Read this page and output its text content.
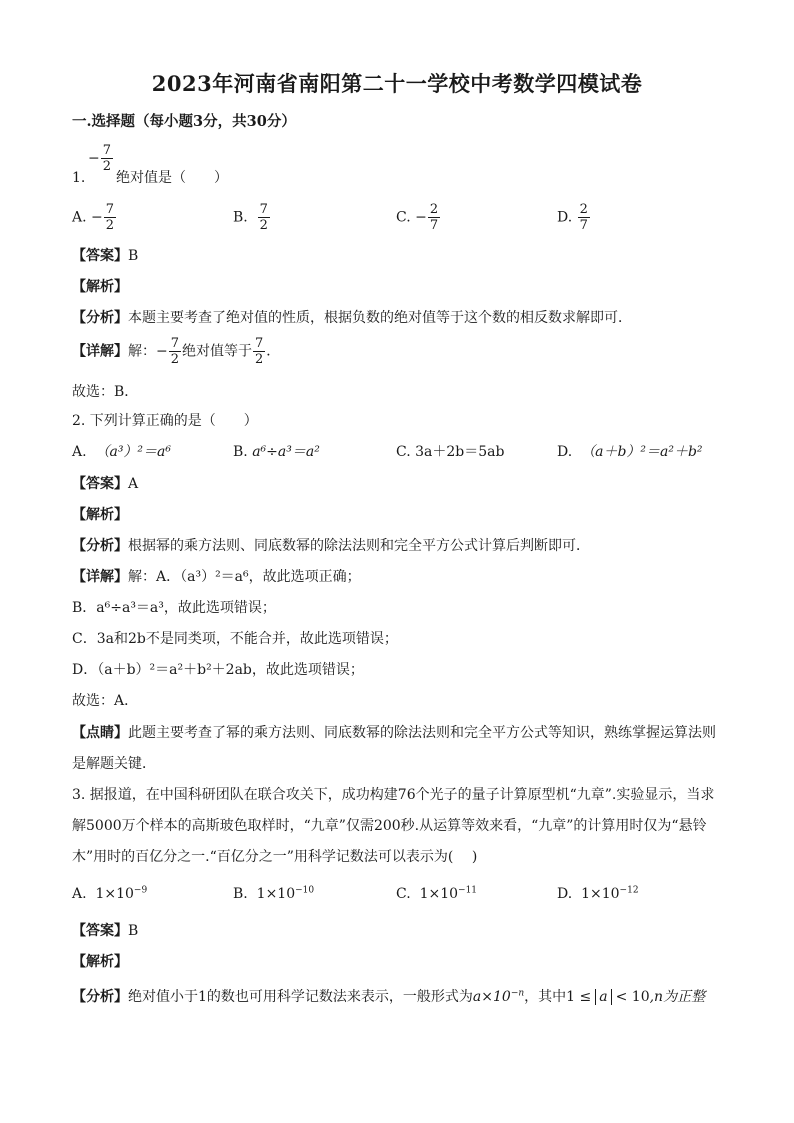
2023年河南省南阳第二十一学校中考数学四模试卷
一.选择题（每小题3分，共30分）
− $\frac{7}{2}$
1. 绝对值是（　　）
A. − $\frac{7}{2}$	B. $\frac{7}{2}$	C. − $\frac{2}{7}$	D. $\frac{2}{7}$
【答案】B
【解析】
【分析】本题主要考查了绝对值的性质，根据负数的绝对值等于这个数的相反数求解即可．
【详解】解：− $\frac{7}{2}$ 绝对值等于 $\frac{7}{2}$ ．
故选：B．
2. 下列计算正确的是（　　）
A. （a³）²＝a⁶	B. a⁶÷a³＝a²	C. 3a＋2b＝5ab	D. （a＋b）²＝a²＋b²
【答案】A
【解析】
【分析】根据幂的乘方法则、同底数幂的除法法则和完全平方公式计算后判断即可．
【详解】解：A．（a³）²＝a⁶，故此选项正确；
B．a⁶÷a³＝a³，故此选项错误；
C．3a和2b不是同类项，不能合并，故此选项错误；
D．（a＋b）²＝a²＋b²＋2ab，故此选项错误；
故选：A．
【点睛】此题主要考查了幂的乘方法则、同底数幂的除法法则和完全平方公式等知识，熟练掌握运算法则
是解题关键．
3. 据报道，在中国科研团队在联合攻关下，成功构建76个光子的量子计算原型机“九章”.实验显示，当求
解5000万个样本的高斯玻色取样时，“九章”仅需200秒.从运算等效来看，“九章”的计算用时仅为“悬铃
木”用时的百亿分之一.“百亿分之一”用科学记数法可以表示为(　 )
A. $1\times 10^{-9}$	B. $1\times 10^{-10}$	C. $1\times 10^{-11}$	D. $1\times 10^{-12}$
【答案】B
【解析】
【分析】绝对值小于1的数也可用科学记数法来表示，一般形式为$a\times 10^{-n}$，其中1 ≤ a < 10,n为正整
